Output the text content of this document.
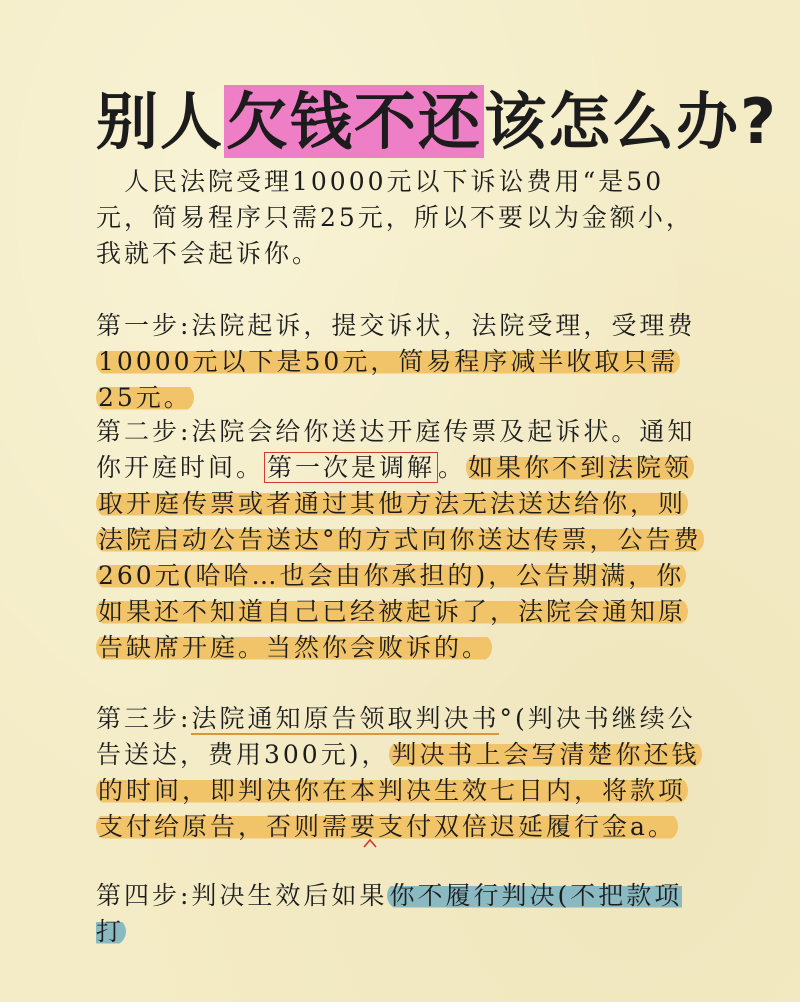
别人欠钱不还该怎么办?
人民法院受理10000元以下诉讼费用“是50元，简易程序只需25元，所以不要以为金额小，我就不会起诉你。
第一步:法院起诉，提交诉状，法院受理，受理费10000元以下是50元，简易程序减半收取只需25元。
第二步:法院会给你送达开庭传票及起诉状。通知你开庭时间。 第一次是调解 。如果你不到法院领取开庭传票或者通过其他方法无法送达给你，则法院启动公告送达°的方式向你送达传票，公告费260元(哈哈…也会由你承担的)，公告期满，你如果还不知道自己已经被起诉了，法院会通知原告缺席开庭。当然你会败诉的。
第三步:法院通知原告领取判决书°(判决书继续公告送达，费用300元)，判决书上会写清楚你还钱的时间，即判决你在本判决生效七日内，将款项支付给原告，否则需要支付双倍迟延履行金a。
第四步:判决生效后如果你不履行判决(不把款项打
